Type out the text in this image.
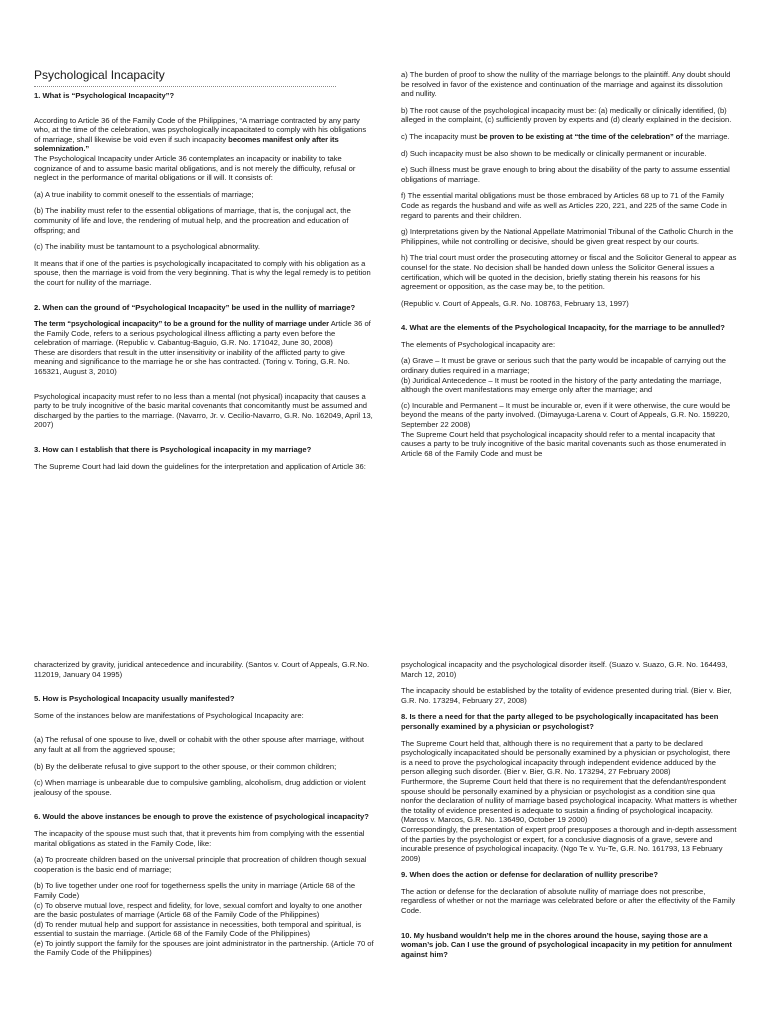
Psychological Incapacity

1. What is “Psychological Incapacity”?

According to Article 36 of the Family Code of the Philippines, “A marriage contracted by any party who, at the time of the celebration, was psychologically incapacitated to comply with his obligations of marriage, shall likewise be void even if such incapacity becomes manifest only after its solemnization.”

The Psychological Incapacity under Article 36 contemplates an incapacity or inability to take cognizance of and to assume basic marital obligations, and is not merely the difficulty, refusal or neglect in the performance of marital obligations or ill will. It consists of:

(a) A true inability to commit oneself to the essentials of marriage;

(b) The inability must refer to the essential obligations of marriage, that is, the conjugal act, the community of life and love, the rendering of mutual help, and the procreation and education of offspring; and

(c) The inability must be tantamount to a psychological abnormality.

It means that if one of the parties is psychologically incapacitated to comply with his obligation as a spouse, then the marriage is void from the very beginning. That is why the legal remedy is to petition the court for nullity of the marriage.

2. When can the ground of “Psychological Incapacity” be used in the nullity of marriage?

The term “psychological incapacity” to be a ground for the nullity of marriage under Article 36 of the Family Code, refers to a serious psychological illness afflicting a party even before the celebration of marriage. (Republic v. Cabantug-Baguio, G.R. No. 171042, June 30, 2008)

These are disorders that result in the utter insensitivity or inability of the afflicted party to give meaning and significance to the marriage he or she has contracted. (Toring v. Toring, G.R. No. 165321, August 3, 2010)

Psychological incapacity must refer to no less than a mental (not physical) incapacity that causes a party to be truly incognitive of the basic marital covenants that concomitantly must be assumed and discharged by the parties to the marriage. (Navarro, Jr. v. Cecilio-Navarro, G.R. No. 162049, April 13, 2007)

3. How can I establish that there is Psychological incapacity in my marriage?

The Supreme Court had laid down the guidelines for the interpretation and application of Article 36:

a) The burden of proof to show the nullity of the marriage belongs to the plaintiff. Any doubt should be resolved in favor of the existence and continuation of the marriage and against its dissolution and nullity.

b) The root cause of the psychological incapacity must be: (a) medically or clinically identified, (b) alleged in the complaint, (c) sufficiently proven by experts and (d) clearly explained in the decision.

c) The incapacity must be proven to be existing at “the time of the celebration” of the marriage.

d) Such incapacity must be also shown to be medically or clinically permanent or incurable.

e) Such illness must be grave enough to bring about the disability of the party to assume essential obligations of marriage.

f) The essential marital obligations must be those embraced by Articles 68 up to 71 of the Family Code as regards the husband and wife as well as Articles 220, 221, and 225 of the same Code in regard to parents and their children.

g) Interpretations given by the National Appellate Matrimonial Tribunal of the Catholic Church in the Philippines, while not controlling or decisive, should be given great respect by our courts.

h) The trial court must order the prosecuting attorney or fiscal and the Solicitor General to appear as counsel for the state. No decision shall be handed down unless the Solicitor General issues a certification, which will be quoted in the decision, briefly stating therein his reasons for his agreement or opposition, as the case may be, to the petition.

(Republic v. Court of Appeals, G.R. No. 108763, February 13, 1997)

4. What are the elements of the Psychological Incapacity, for the marriage to be annulled?

The elements of Psychological incapacity are:

(a) Grave – It must be grave or serious such that the party would be incapable of carrying out the ordinary duties required in a marriage;

(b) Juridical Antecedence – It must be rooted in the history of the party antedating the marriage, although the overt manifestations may emerge only after the marriage; and

(c) Incurable and Permanent – It must be incurable or, even if it were otherwise, the cure would be beyond the means of the party involved. (Dimayuga-Larena v. Court of Appeals, G.R. No. 159220, September 22 2008)

The Supreme Court held that psychological incapacity should refer to a mental incapacity that causes a party to be truly incognitive of the basic marital covenants such as those enumerated in Article 68 of the Family Code and must be

characterized by gravity, juridical antecedence and incurability. (Santos v. Court of Appeals, G.R.No. 112019, January 04 1995)

5. How is Psychological Incapacity usually manifested?

Some of the instances below are manifestations of Psychological Incapacity are:

(a) The refusal of one spouse to live, dwell or cohabit with the other spouse after marriage, without any fault at all from the aggrieved spouse;

(b) By the deliberate refusal to give support to the other spouse, or their common children;

(c) When marriage is unbearable due to compulsive gambling, alcoholism, drug addiction or violent jealousy of the spouse.

6. Would the above instances be enough to prove the existence of psychological incapacity?

The incapacity of the spouse must such that, that it prevents him from complying with the essential marital obligations as stated in the Family Code, like:

(a) To procreate children based on the universal principle that procreation of children though sexual cooperation is the basic end of marriage;

(b) To live together under one roof for togetherness spells the unity in marriage (Article 68 of the Family Code)

(c) To observe mutual love, respect and fidelity, for love, sexual comfort and loyalty to one another are the basic postulates of marriage (Article 68 of the Family Code of the Philippines)

(d) To render mutual help and support for assistance in necessities, both temporal and spiritual, is essential to sustain the marriage. (Article 68 of the Family Code of the Philippines)

(e) To jointly support the family for the spouses are joint administrator in the partnership. (Article 70 of the Family Code of the Philippines)

psychological incapacity and the psychological disorder itself. (Suazo v. Suazo, G.R. No. 164493, March 12, 2010)

The incapacity should be established by the totality of evidence presented during trial. (Bier v. Bier, G.R. No. 173294, February 27, 2008)

8. Is there a need for that the party alleged to be psychologically incapacitated has been personally examined by a physician or psychologist?

The Supreme Court held that, although there is no requirement that a party to be declared psychologically incapacitated should be personally examined by a physician or psychologist, there is a need to prove the psychological incapacity through independent evidence adduced by the person alleging such disorder. (Bier v. Bier, G.R. No. 173294, 27 February 2008)

Furthermore, the Supreme Court held that there is no requirement that the defendant/respondent spouse should be personally examined by a physician or psychologist as a condition sine qua nonfor the declaration of nullity of marriage based psychological incapacity. What matters is whether the totality of evidence presented is adequate to sustain a finding of psychological incapacity. (Marcos v. Marcos, G.R. No. 136490, October 19 2000)

Correspondingly, the presentation of expert proof presupposes a thorough and in-depth assessment of the parties by the psychologist or expert, for a conclusive diagnosis of a grave, severe and incurable presence of psychological incapacity. (Ngo Te v. Yu-Te, G.R. No. 161793, 13 February 2009)

9. When does the action or defense for declaration of nullity prescribe?

The action or defense for the declaration of absolute nullity of marriage does not prescribe, regardless of whether or not the marriage was celebrated before or after the effectivity of the Family Code.

10. My husband wouldn’t help me in the chores around the house, saying those are a woman’s job. Can I use the ground of psychological incapacity in my petition for annulment against him?
